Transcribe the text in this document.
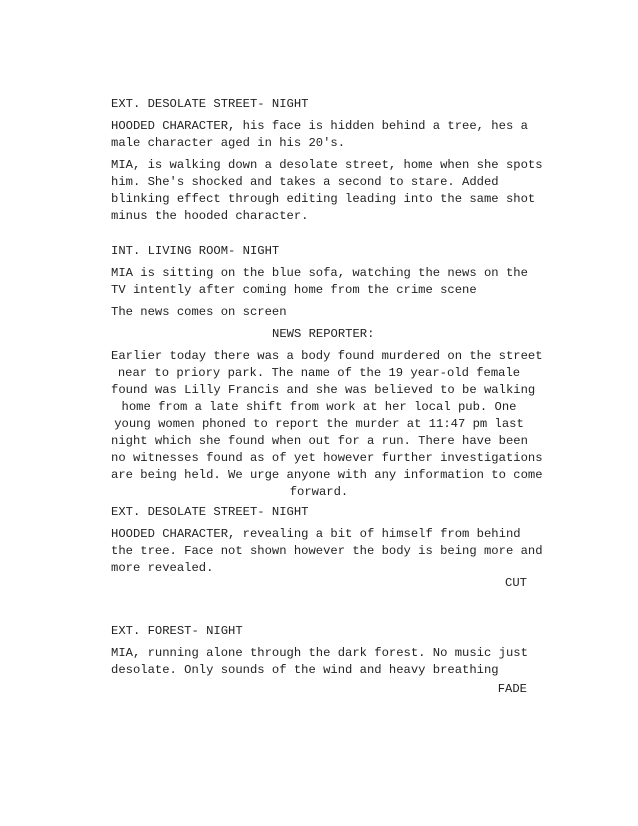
EXT. DESOLATE STREET- NIGHT
HOODED CHARACTER, his face is hidden behind a tree, hes a
male character aged in his 20's.
MIA, is walking down a desolate street, home when she spots
him. She's shocked and takes a second to stare. Added
blinking effect through editing leading into the same shot
minus the hooded character.
INT. LIVING ROOM- NIGHT
MIA is sitting on the blue sofa, watching the news on the
TV intently after coming home from the crime scene
The news comes on screen
NEWS REPORTER:
Earlier today there was a body found murdered on the street
near to priory park. The name of the 19 year-old female
found was Lilly Francis and she was believed to be walking
home from a late shift from work at her local pub. One
young women phoned to report the murder at 11:47 pm last
night which she found when out for a run. There have been
no witnesses found as of yet however further investigations
are being held. We urge anyone with any information to come
forward.
EXT. DESOLATE STREET- NIGHT
HOODED CHARACTER, revealing a bit of himself from behind
the tree. Face not shown however the body is being more and
more revealed.
CUT
EXT. FOREST- NIGHT
MIA, running alone through the dark forest. No music just
desolate. Only sounds of the wind and heavy breathing
FADE
